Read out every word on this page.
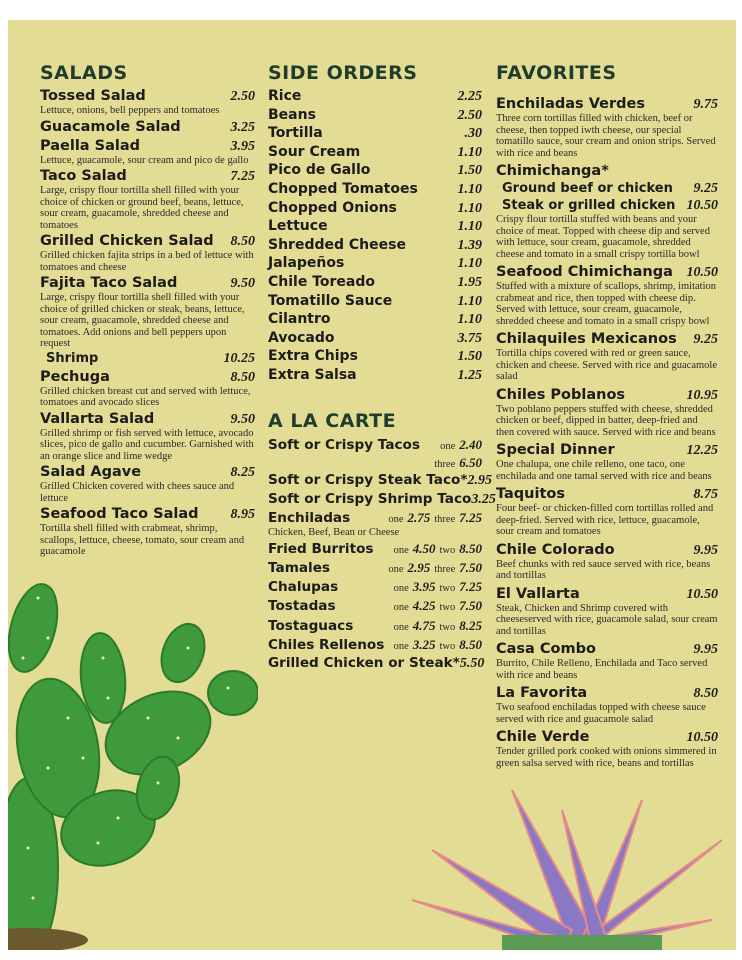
SALADS
Tossed Salad	2.50
Lettuce, onions, bell peppers and tomatoes
Guacamole Salad	3.25
Paella Salad	3.95
Lettuce, guacamole, sour cream and pico de gallo
Taco Salad	7.25
Large, crispy flour tortilla shell filled with your choice of chicken or ground beef, beans, lettuce, sour cream, guacamole, shredded cheese and tomatoes
Grilled Chicken Salad 8.50
Grilled chicken fajita strips in a bed of lettuce with tomatoes and cheese
Fajita Taco Salad	9.50
Large, crispy flour tortilla shell filled with your choice of grilled chicken or steak, beans, lettuce, sour cream, guacamole, shredded cheese and tomatoes. Add onions and bell peppers upon request
Shrimp	10.25
Pechuga	8.50
Grilled chicken breast cut and served with lettuce, tomatoes and avocado slices
Vallarta Salad	9.50
Grilled shrimp or fish served with lettuce, avocado slices, pico de gallo and cucumber. Garnished with an orange slice and lime wedge
Salad Agave	8.25
Grilled Chicken covered with chees sauce and lettuce
Seafood Taco Salad 8.95
Tortilla shell filled with crabmeat, shrimp, scallops, lettuce, cheese, tomato, sour cream and guacamole
SIDE ORDERS
Rice	2.25
Beans	2.50
Tortilla	.30
Sour Cream	1.10
Pico de Gallo	1.50
Chopped Tomatoes	1.10
Chopped Onions	1.10
Lettuce	1.10
Shredded Cheese	1.39
Jalapeños	1.10
Chile Toreado	1.95
Tomatillo Sauce	1.10
Cilantro	1.10
Avocado	3.75
Extra Chips	1.50
Extra Salsa	1.25
A LA CARTE
Soft or Crispy Tacos one 2.40
three 6.50
Soft or Crispy Steak Taco* 2.95
Soft or Crispy Shrimp Taco 3.25
Enchiladas	one 2.75 three 7.25
Chicken, Beef, Bean or Cheese
Fried Burritos one 4.50 two 8.50
Tamales	one 2.95 three 7.50
Chalupas	one 3.95 two 7.25
Tostadas	one 4.25 two 7.50
Tostaguacs	one 4.75 two 8.25
Chiles Rellenos one 3.25 two 8.50
Grilled Chicken or Steak* 5.50
FAVORITES
Enchiladas Verdes	9.75
Three corn tortillas filled with chicken, beef or cheese, then topped iwth cheese, our special tomatillo sauce, sour cream and onion strips. Served with rice and beans
Chimichanga*
Ground beef or chicken 9.25
Steak or grilled chicken 10.50
Crispy flour tortilla stuffed with beans and your choice of meat. Topped with cheese dip and served with lettuce, sour cream, guacamole, shredded cheese and tomato in a small crispy tortilla bowl
Seafood Chimichanga 10.50
Stuffed with a mixture of scallops, shrimp, imitation crabmeat and rice, then topped with cheese dip. Served with lettuce, sour cream, guacamole, shredded cheese and tomato in a small crispy bowl
Chilaquiles Mexicanos 9.25
Tortilla chips covered with red or green sauce, chicken and cheese. Served with rice and guacamole salad
Chiles Poblanos	10.95
Two poblano peppers stuffed with cheese, shredded chicken or beef, dipped in batter, deep-fried and then covered with sauce. Served with rice and beans
Special Dinner	12.25
One chalupa, one chile relleno, one taco, one enchilada and one tamal served with rice and beans
Taquitos	8.75
Four beef- or chicken-filled corn tortillas rolled and deep-fried. Served with rice, lettuce, guacamole, sour cream and tomatoes
Chile Colorado	9.95
Beef chunks with red sauce served with rice, beans and tortillas
El Vallarta	10.50
Steak, Chicken and Shrimp covered with cheeseserved with rice, guacamole salad, sour cream and tortillas
Casa Combo	9.95
Burrito, Chile Relleno, Enchilada and Taco served with rice and beans
La Favorita	8.50
Two seafood enchiladas topped with cheese sauce served with rice and guacamole salad
Chile Verde	10.50
Tender grilled pork cooked with onions simmered in green salsa served with rice, beans and tortillas
